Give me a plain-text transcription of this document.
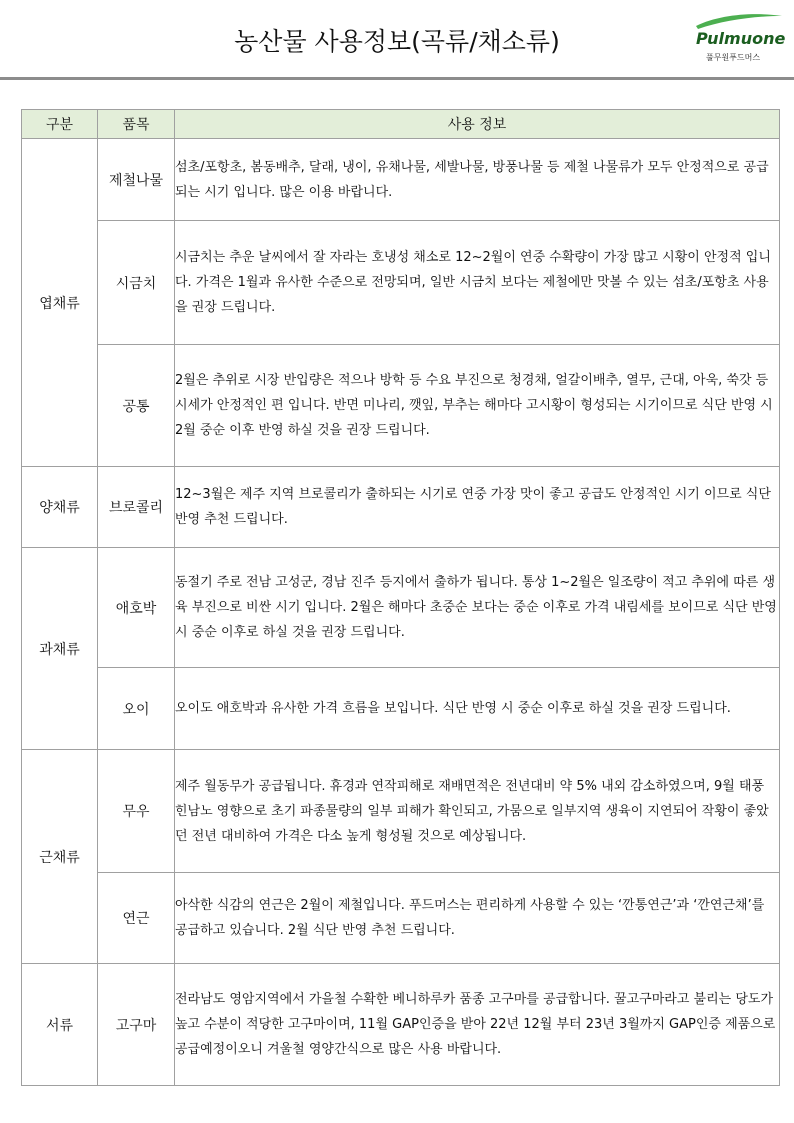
농산물 사용정보(곡류/채소류)	Pulmuone
풀무원푸드머스
구분	품목	사용 정보
엽채류	제철나물	섬초/포항초, 봄동배추, 달래, 냉이, 유채나물, 세발나물, 방풍나물 등 제철 나물류가 모두 안정적으로 공급되는 시기 입니다. 많은 이용 바랍니다.

	시금치	시금치는 추운 날씨에서 잘 자라는 호냉성 채소로 12~2월이 연중 수확량이 가장 많고 시황이 안정적 입니다. 가격은 1월과 유사한 수준으로 전망되며, 일반 시금치 보다는 제철에만 맛볼 수 있는 섬초/포항초 사용을 권장 드립니다.

	공통	2월은 추위로 시장 반입량은 적으나 방학 등 수요 부진으로 청경채, 얼갈이배추, 열무, 근대, 아욱, 쑥갓 등 시세가 안정적인 편 입니다. 반면 미나리, 깻잎, 부추는 해마다 고시황이 형성되는 시기이므로 식단 반영 시 2월 중순 이후 반영 하실 것을 권장 드립니다.

양채류	브로콜리	12~3월은 제주 지역 브로콜리가 출하되는 시기로 연중 가장 맛이 좋고 공급도 안정적인 시기 이므로 식단 반영 추천 드립니다.

과채류	애호박	동절기 주로 전남 고성군, 경남 진주 등지에서 출하가 됩니다. 통상 1~2월은 일조량이 적고 추위에 따른 생육 부진으로 비싼 시기 입니다. 2월은 해마다 초중순 보다는 중순 이후로 가격 내림세를 보이므로 식단 반영 시 중순 이후로 하실 것을 권장 드립니다.

	오이	오이도 애호박과 유사한 가격 흐름을 보입니다. 식단 반영 시 중순 이후로 하실 것을 권장 드립니다.

근채류	무우	제주 월동무가 공급됩니다. 휴경과 연작피해로 재배면적은 전년대비 약 5% 내외 감소하였으며, 9월 태풍 힌남노 영향으로 초기 파종물량의 일부 피해가 확인되고, 가뭄으로 일부지역 생육이 지연되어 작황이 좋았던 전년 대비하여 가격은 다소 높게 형성될 것으로 예상됩니다.

	연근	아삭한 식감의 연근은 2월이 제철입니다. 푸드머스는 편리하게 사용할 수 있는 ‘깐통연근’과 ‘깐연근채’를 공급하고 있습니다. 2월 식단 반영 추천 드립니다.

서류	고구마	전라남도 영암지역에서 가을철 수확한 베니하루카 품종 고구마를 공급합니다. 꿀고구마라고 불리는 당도가 높고 수분이 적당한 고구마이며, 11월 GAP인증을 받아 22년 12월 부터 23년 3월까지 GAP인증 제품으로 공급예정이오니 겨울철 영양간식으로 많은 사용 바랍니다.
